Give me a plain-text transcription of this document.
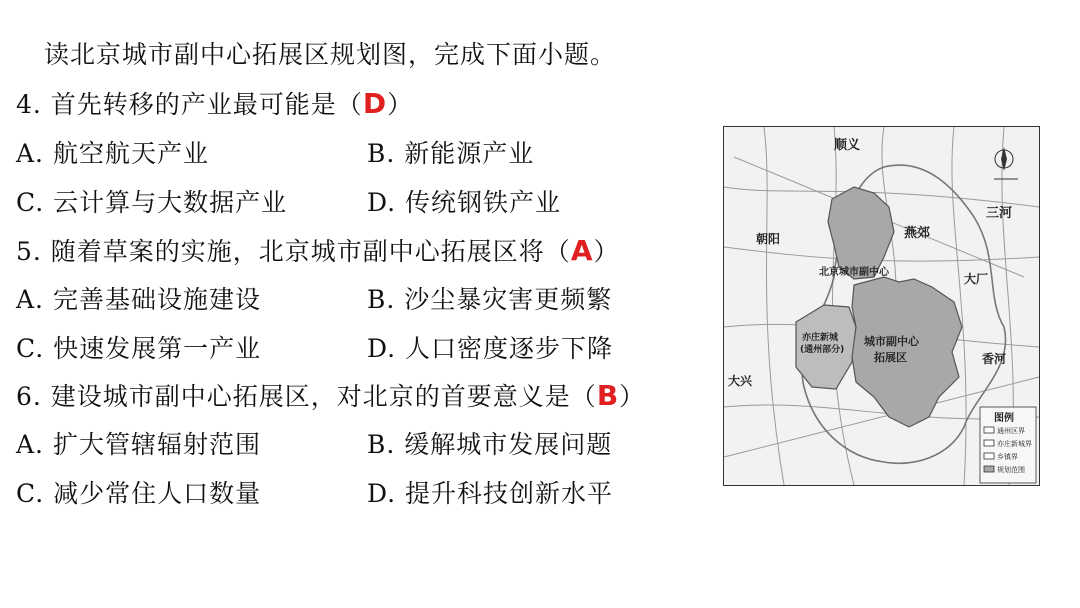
读北京城市副中心拓展区规划图，完成下面小题。
4. 首先转移的产业最可能是（D）
A. 航空航天产业	B. 新能源产业
C. 云计算与大数据产业	D. 传统钢铁产业
5. 随着草案的实施，北京城市副中心拓展区将（A）
A. 完善基础设施建设	B. 沙尘暴灾害更频繁
C. 快速发展第一产业	D. 人口密度逐步下降
6. 建设城市副中心拓展区，对北京的首要意义是（B）
A. 扩大管辖辐射范围	B. 缓解城市发展问题
C. 减少常住人口数量	D. 提升科技创新水平
顺义
燕郊
三河
朝阳
大厂
北京城市副中心
亦庄新城
(通州部分)
城市副中心
拓展区	香河
大兴
图例
通州区界
亦庄新城界
乡镇界
规划范围
